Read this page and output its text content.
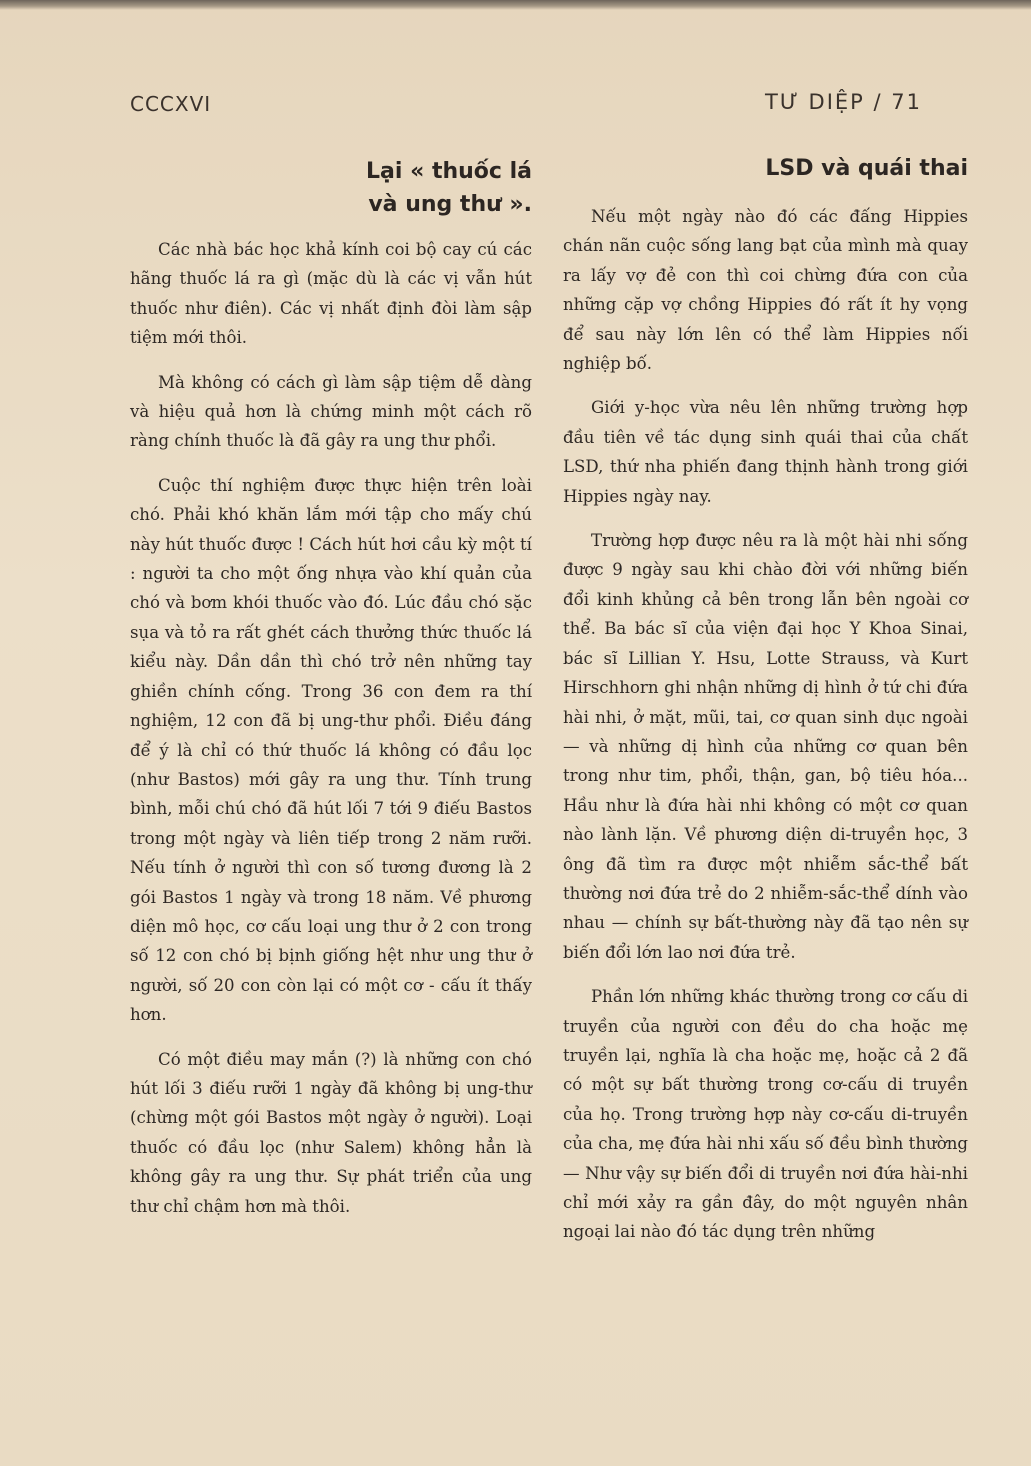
CCCXVI	TƯ DIỆP / 71
Lại « thuốc lá
và ung thư ».

Các nhà bác học khả kính coi bộ cay cú các hãng thuốc lá ra gì (mặc dù là các vị vẫn hút thuốc như điên). Các vị nhất định đòi làm sập tiệm mới thôi.

Mà không có cách gì làm sập tiệm dễ dàng và hiệu quả hơn là chứng minh một cách rõ ràng chính thuốc là đã gây ra ung thư phổi.

Cuộc thí nghiệm được thực hiện trên loài chó. Phải khó khăn lắm mới tập cho mấy chú này hút thuốc được ! Cách hút hơi cầu kỳ một tí : người ta cho một ống nhựa vào khí quản của chó và bơm khói thuốc vào đó. Lúc đầu chó sặc sụa và tỏ ra rất ghét cách thưởng thức thuốc lá kiểu này. Dần dần thì chó trở nên những tay ghiền chính cống. Trong 36 con đem ra thí nghiệm, 12 con đã bị ung-thư phổi. Điều đáng để ý là chỉ có thứ thuốc lá không có đầu lọc (như Bastos) mới gây ra ung thư. Tính trung bình, mỗi chú chó đã hút lối 7 tới 9 điếu Bastos trong một ngày và liên tiếp trong 2 năm rưỡi. Nếu tính ở người thì con số tương đương là 2 gói Bastos 1 ngày và trong 18 năm. Về phương diện mô học, cơ cấu loại ung thư ở 2 con trong số 12 con chó bị bịnh giống hệt như ung thư ở người, số 20 con còn lại có một cơ - cấu ít thấy hơn.

Có một điều may mắn (?) là những con chó hút lối 3 điếu rưỡi 1 ngày đã không bị ung-thư (chừng một gói Bastos một ngày ở người). Loại thuốc có đầu lọc (như Salem) không hẳn là không gây ra ung thư. Sự phát triển của ung thư chỉ chậm hơn mà thôi.

LSD và quái thai

Nếu một ngày nào đó các đấng Hippies chán nãn cuộc sống lang bạt của mình mà quay ra lấy vợ đẻ con thì coi chừng đứa con của những cặp vợ chồng Hippies đó rất ít hy vọng để sau này lớn lên có thể làm Hippies nối nghiệp bố.

Giới y-học vừa nêu lên những trường hợp đầu tiên về tác dụng sinh quái thai của chất LSD, thứ nha phiến đang thịnh hành trong giới Hippies ngày nay.

Trường hợp được nêu ra là một hài nhi sống được 9 ngày sau khi chào đời với những biến đổi kinh khủng cả bên trong lẫn bên ngoài cơ thể. Ba bác sĩ của viện đại học Y Khoa Sinai, bác sĩ Lillian Y. Hsu, Lotte Strauss, và Kurt Hirschhorn ghi nhận những dị hình ở tứ chi đứa hài nhi, ở mặt, mũi, tai, cơ quan sinh dục ngoài — và những dị hình của những cơ quan bên trong như tim, phổi, thận, gan, bộ tiêu hóa... Hầu như là đứa hài nhi không có một cơ quan nào lành lặn. Về phương diện di-truyền học, 3 ông đã tìm ra được một nhiễm sắc-thể bất thường nơi đứa trẻ do 2 nhiễm-sắc-thể dính vào nhau — chính sự bất-thường này đã tạo nên sự biến đổi lớn lao nơi đứa trẻ.

Phần lớn những khác thường trong cơ cấu di truyền của người con đều do cha hoặc mẹ truyền lại, nghĩa là cha hoặc mẹ, hoặc cả 2 đã có một sự bất thường trong cơ-cấu di truyền của họ. Trong trường hợp này cơ-cấu di-truyền của cha, mẹ đứa hài nhi xấu số đều bình thường — Như vậy sự biến đổi di truyền nơi đứa hài-nhi chỉ mới xảy ra gần đây, do một nguyên nhân ngoại lai nào đó tác dụng trên những
